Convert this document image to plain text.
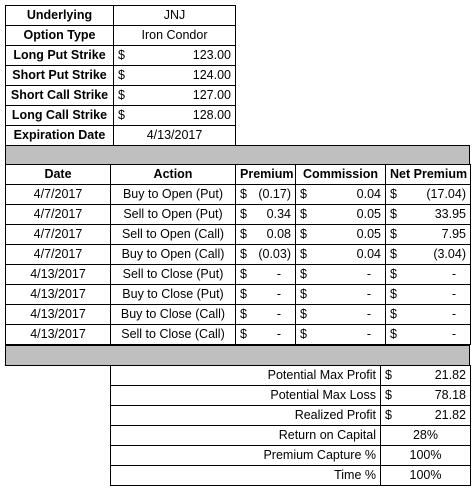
Underlying	JNJ
Option Type	Iron Condor
Long Put Strike	$ 123.00

Short Put Strike	$ 124.00

Short Call Strike	$ 127.00

Long Call Strike	$ 128.00

Expiration Date	4/13/2017
Date	Action	Premium	Commission	Net Premium
4/7/2017	Buy to Open (Put)	$ (0.17)	$ 0.04	$ (17.04)

4/7/2017	Sell to Open (Put)	$ 0.34	$ 0.05	$ 33.95

4/7/2017	Sell to Open (Call)	$ 0.08	$ 0.05	$ 7.95

4/7/2017	Buy to Open (Call)	$ (0.03)	$ 0.04	$ (3.04)

4/13/2017	Sell to Close (Put)	$ -	$ -	$ -

4/13/2017	Buy to Close (Put)	$ -	$ -	$ -

4/13/2017	Buy to Close (Call)	$ -	$ -	$ -

4/13/2017	Sell to Close (Call)	$ -	$ -	$ -
Potential Max Profit	$ 21.82

Potential Max Loss	$ 78.18

Realized Profit	$ 21.82

Return on Capital	28%
Premium Capture %	100%
Time %	100%
